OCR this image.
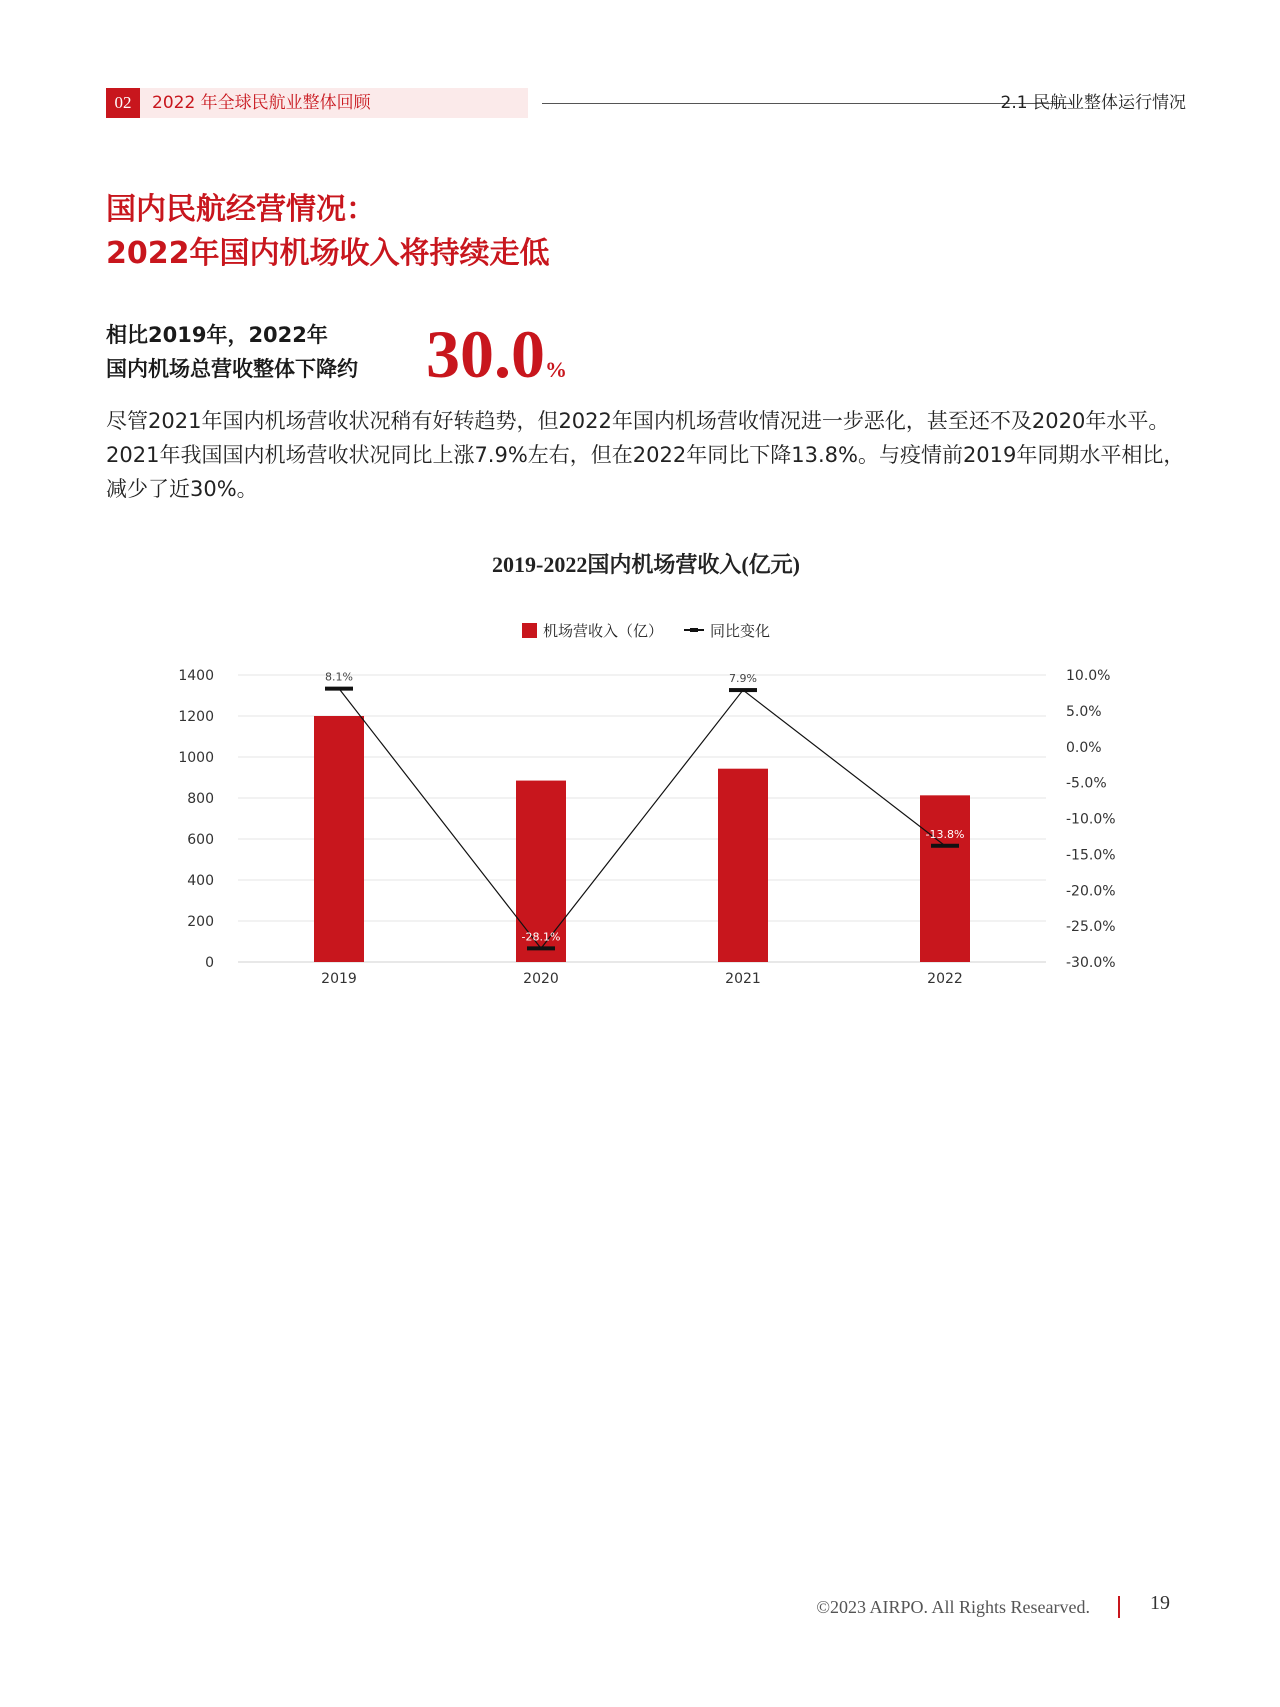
02	2022 年全球民航业整体回顾	2.1 民航业整体运行情况
国内民航经营情况：
2022年国内机场收入将持续走低
相比2019年，2022年
国内机场总营收整体下降约 30.0%

尽管2021年国内机场营收状况稍有好转趋势，但2022年国内机场营收情况进一步恶化，甚至还不及2020年水平。2021年我国国内机场营收状况同比上涨7.9%左右，但在2022年同比下降13.8%。与疫情前2019年同期水平相比，减少了近30%。

2019-2022国内机场营收入(亿元)
机场营收入（亿）	同比变化
0
200
400
600
800
1000
1200
1400
-30.0%
-25.0%
-20.0%
-15.0%
-10.0%
-5.0%
0.0%
5.0%
10.0%
2019	2020	2021	2022
8.1%
-28.1%
7.9%
-13.8%
©2023 AIRPO. All Rights Researved.	19
